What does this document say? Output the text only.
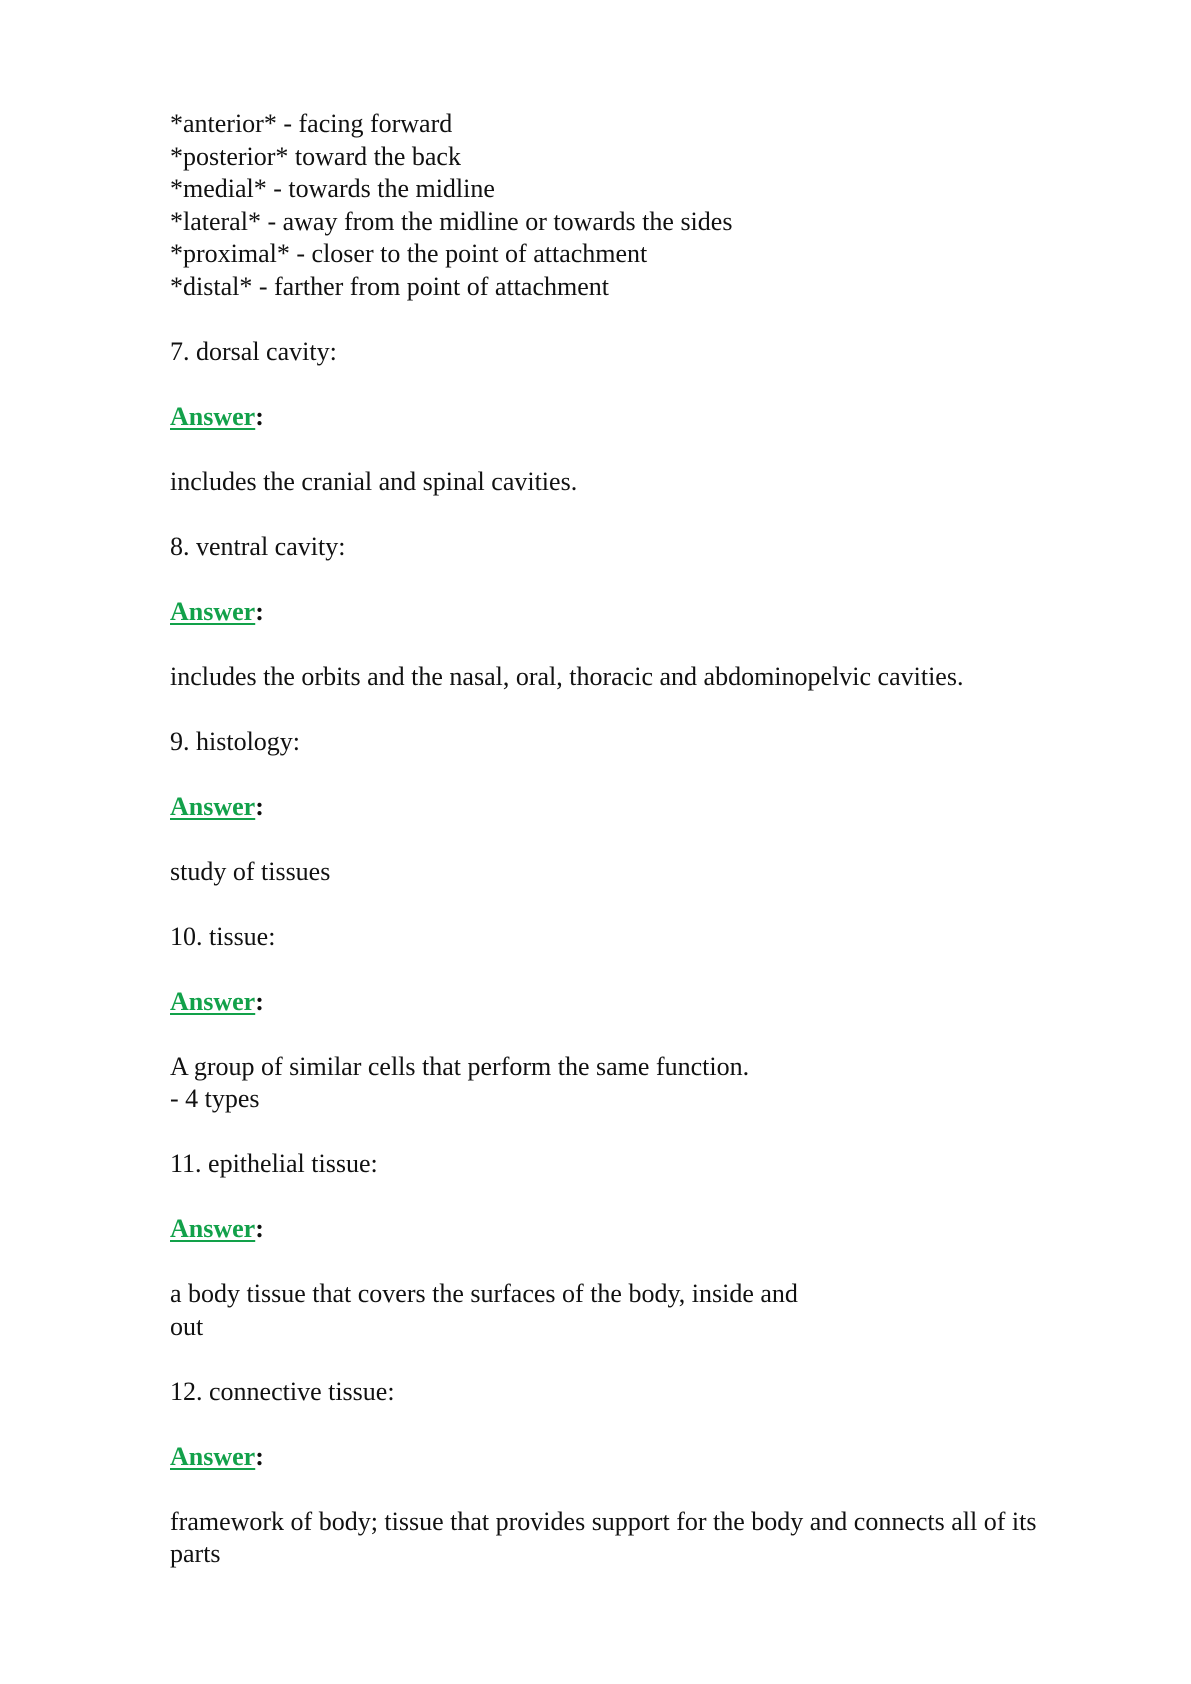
*anterior* - facing forward
*posterior* toward the back
*medial* - towards the midline
*lateral* - away from the midline or towards the sides
*proximal* - closer to the point of attachment
*distal* - farther from point of attachment
7. dorsal cavity:
Answer:
includes the cranial and spinal cavities.
8. ventral cavity:
Answer:
includes the orbits and the nasal, oral, thoracic and abdominopelvic cavities.
9. histology:
Answer:
study of tissues
10. tissue:
Answer:
A group of similar cells that perform the same function.
- 4 types
11. epithelial tissue:
Answer:
a body tissue that covers the surfaces of the body, inside and
out
12. connective tissue:
Answer:
framework of body; tissue that provides support for the body and connects all of its
parts
